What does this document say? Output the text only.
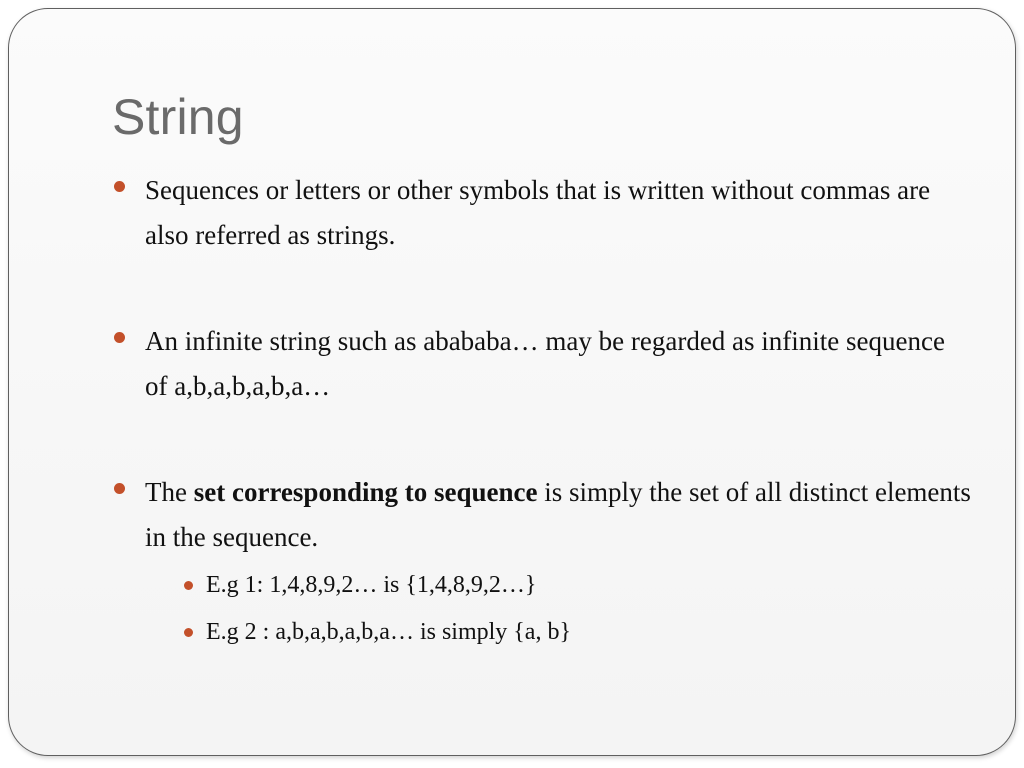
String
Sequences or letters or other symbols that is written without commas are also referred as strings.
An infinite string such as abababa… may be regarded as infinite sequence of a,b,a,b,a,b,a…
The set corresponding to sequence is simply the set of all distinct elements in the sequence.
E.g 1: 1,4,8,9,2… is {1,4,8,9,2…}
E.g 2 : a,b,a,b,a,b,a… is simply {a, b}
